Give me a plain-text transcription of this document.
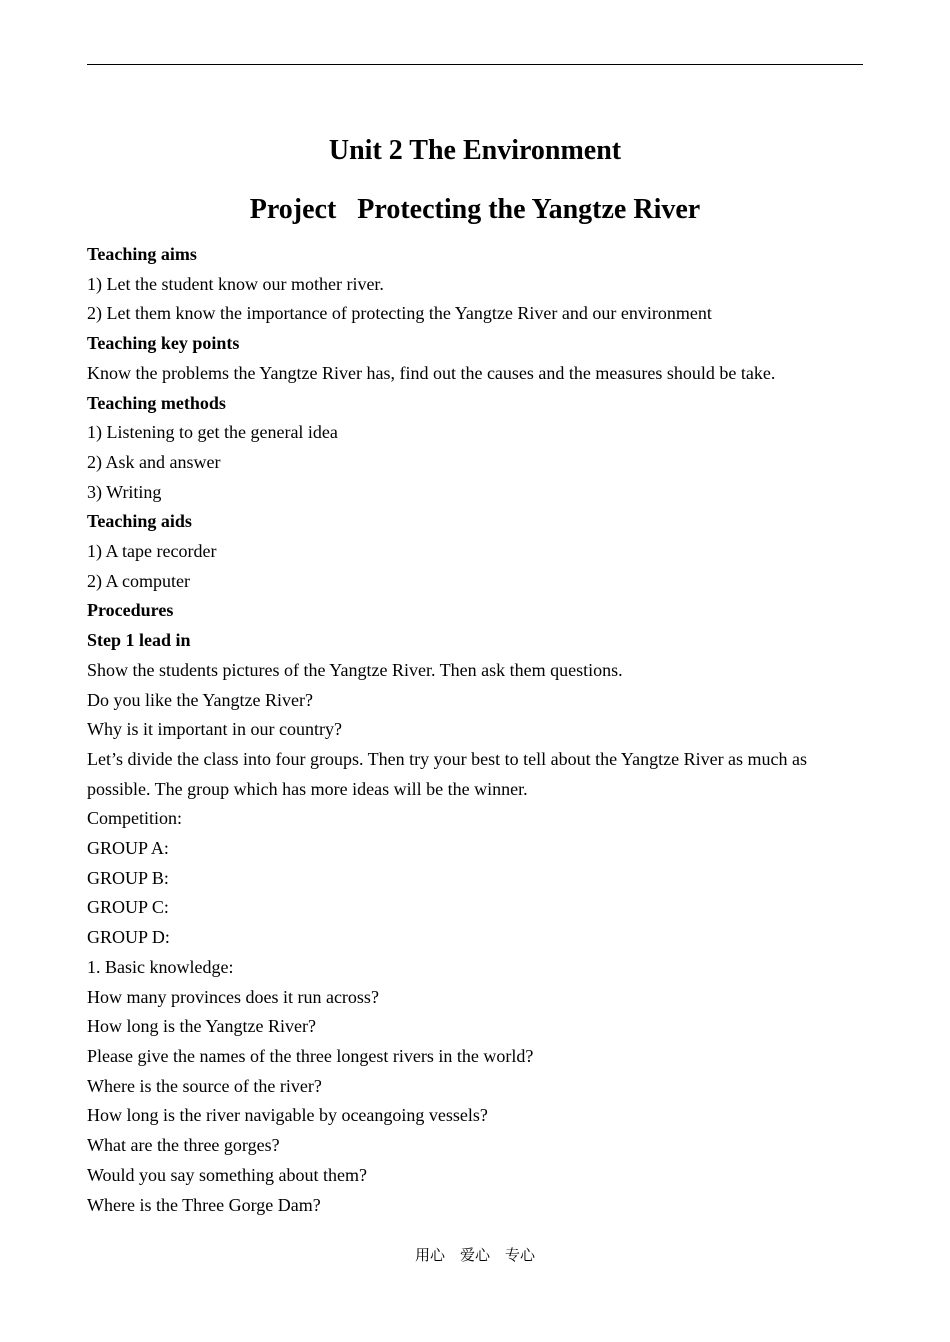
Unit 2 The Environment
Project   Protecting the Yangtze River

Teaching aims

1) Let the student know our mother river.

2) Let them know the importance of protecting the Yangtze River and our environment

Teaching key points

Know the problems the Yangtze River has, find out the causes and the measures should be take.

Teaching methods

1) Listening to get the general idea

2) Ask and answer

3) Writing

Teaching aids

1) A tape recorder

2) A computer

Procedures

Step 1 lead in

Show the students pictures of the Yangtze River. Then ask them questions.

Do you like the Yangtze River?

Why is it important in our country?

Let’s divide the class into four groups. Then try your best to tell about the Yangtze River as much as possible. The group which has more ideas will be the winner.

Competition:

GROUP A:

GROUP B:

GROUP C:

GROUP D:

1. Basic knowledge:

How many provinces does it run across?

How long is the Yangtze River?

Please give the names of the three longest rivers in the world?

Where is the source of the river?

How long is the river navigable by oceangoing vessels?

What are the three gorges?

Would you say something about them?

Where is the Three Gorge Dam?

用心    爱心    专心
